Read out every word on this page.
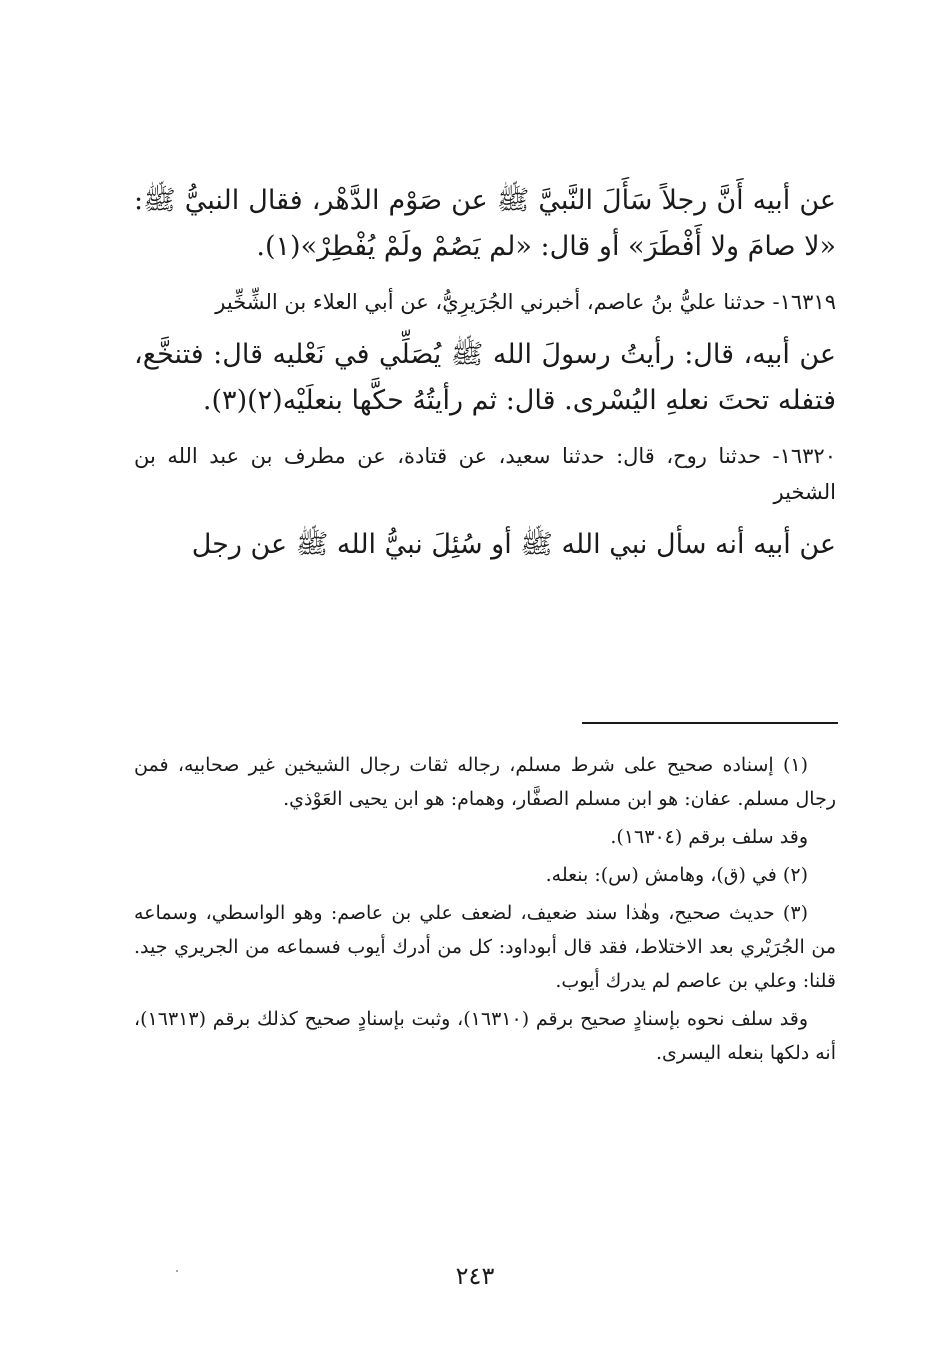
عن أبيه أَنَّ رجلاً سَأَلَ النَّبيَّ ﷺ عن صَوْم الدَّهْر، فقال النبيُّ ﷺ: «لا صامَ ولا أَفْطَرَ» أو قال: «لم يَصُمْ ولَمْ يُفْطِرْ»(١).

١٦٣١٩- حدثنا عليُّ بنُ عاصم، أخبرني الجُرَيرِيُّ، عن أبي العلاء بن الشِّخِّير

عن أبيه، قال: رأيتُ رسولَ الله ﷺ يُصَلِّي في نَعْليه قال: فتنخَّع، فتفله تحتَ نعلهِ اليُسْرى. قال: ثم رأيتُهُ حكَّها بنعلَيْه(٢)(٣).

١٦٣٢٠- حدثنا روح، قال: حدثنا سعيد، عن قتادة، عن مطرف بن عبد الله بن الشخير

عن أبيه أنه سأل نبي الله ﷺ أو سُئِلَ نبيُّ الله ﷺ عن رجل

(١) إسناده صحيح على شرط مسلم، رجاله ثقات رجال الشيخين غير صحابيه، فمن رجال مسلم. عفان: هو ابن مسلم الصفَّار، وهمام: هو ابن يحيى العَوْذي.

وقد سلف برقم (١٦٣٠٤).

(٢) في (ق)، وهامش (س): بنعله.

(٣) حديث صحيح، وهٰذا سند ضعيف، لضعف علي بن عاصم: وهو الواسطي، وسماعه من الجُرَيْري بعد الاختلاط، فقد قال أبوداود: كل من أدرك أيوب فسماعه من الجريري جيد. قلنا: وعلي بن عاصم لم يدرك أيوب.

وقد سلف نحوه بإسنادٍ صحيح برقم (١٦٣١٠)، وثبت بإسنادٍ صحيح كذلك برقم (١٦٣١٣)، أنه دلكها بنعله اليسرى.

٢٤٣
